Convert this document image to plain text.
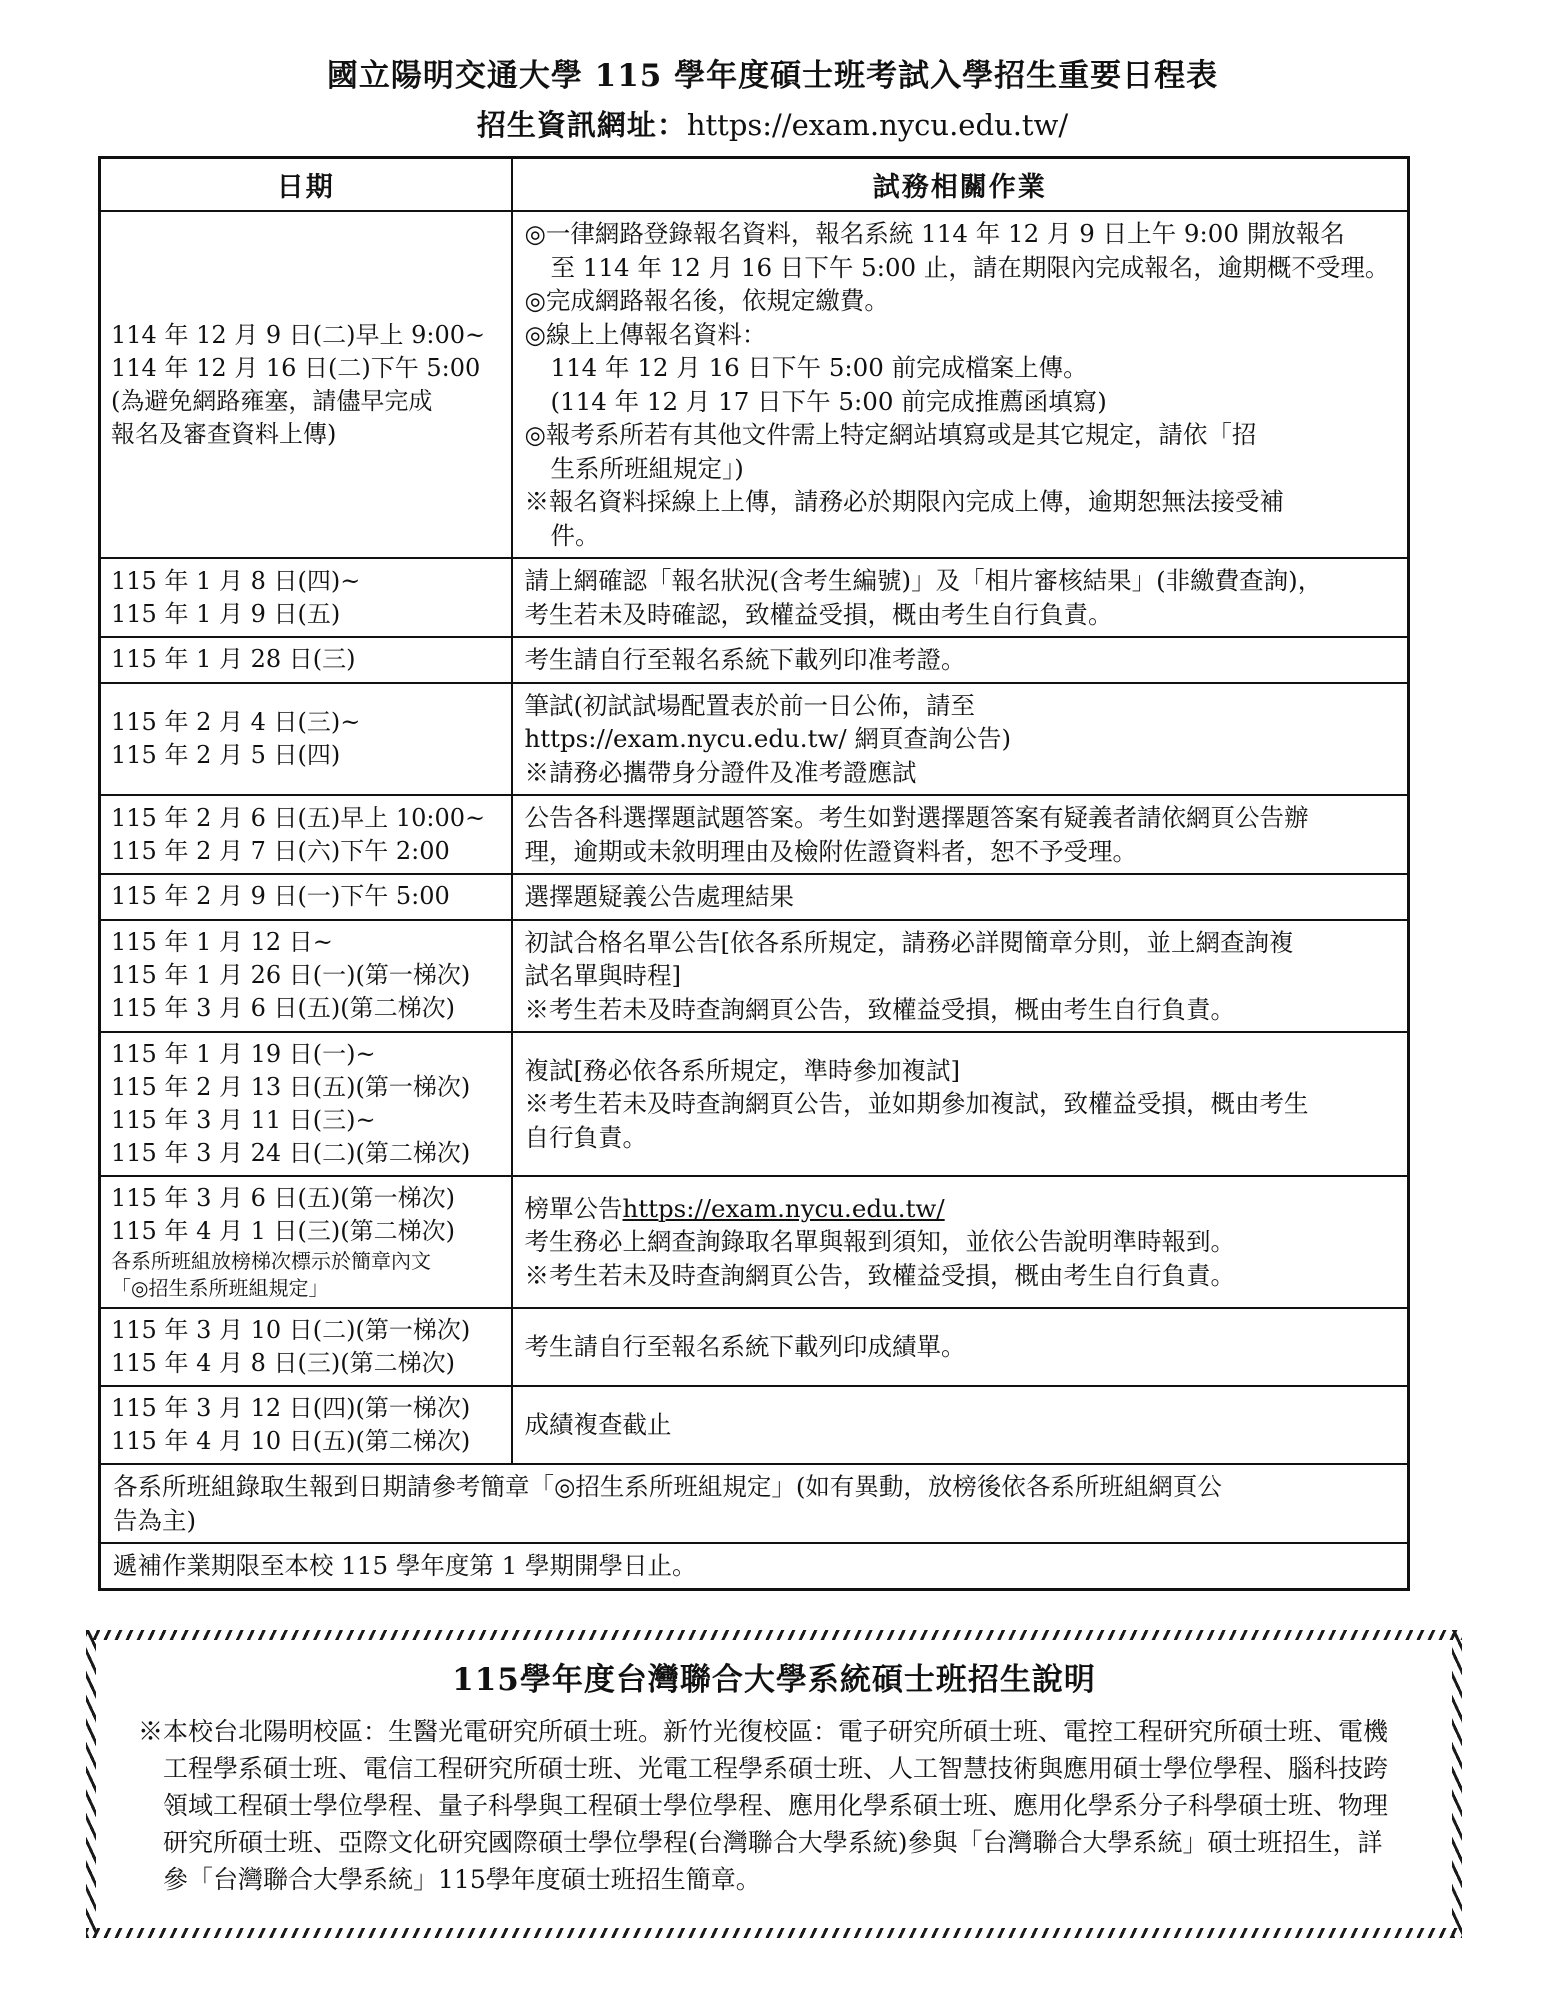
國立陽明交通大學 115 學年度碩士班考試入學招生重要日程表
招生資訊網址：https://exam.nycu.edu.tw/
日期	試務相關作業

114 年 12 月 9 日(二)早上 9:00~
114 年 12 月 16 日(二)下午 5:00
(為避免網路雍塞，請儘早完成
報名及審查資料上傳)

◎一律網路登錄報名資料，報名系統 114 年 12 月 9 日上午 9:00 開放報名
至 114 年 12 月 16 日下午 5:00 止，請在期限內完成報名，逾期概不受理。
◎完成網路報名後，依規定繳費。
◎線上上傳報名資料：
114 年 12 月 16 日下午 5:00 前完成檔案上傳。
(114 年 12 月 17 日下午 5:00 前完成推薦函填寫)
◎報考系所若有其他文件需上特定網站填寫或是其它規定，請依「招
生系所班組規定」)
※報名資料採線上上傳，請務必於期限內完成上傳，逾期恕無法接受補
件。

115 年 1 月 8 日(四)~
115 年 1 月 9 日(五)

請上網確認「報名狀況(含考生編號)」及「相片審核結果」(非繳費查詢)，
考生若未及時確認，致權益受損，概由考生自行負責。

115 年 1 月 28 日(三)	考生請自行至報名系統下載列印准考證。

115 年 2 月 4 日(三)~
115 年 2 月 5 日(四)

筆試(初試試場配置表於前一日公佈，請至
https://exam.nycu.edu.tw/ 網頁查詢公告)
※請務必攜帶身分證件及准考證應試

115 年 2 月 6 日(五)早上 10:00~
115 年 2 月 7 日(六)下午 2:00

公告各科選擇題試題答案。考生如對選擇題答案有疑義者請依網頁公告辦
理，逾期或未敘明理由及檢附佐證資料者，恕不予受理。

115 年 2 月 9 日(一)下午 5:00	選擇題疑義公告處理結果

115 年 1 月 12 日~
115 年 1 月 26 日(一)(第一梯次)
115 年 3 月 6 日(五)(第二梯次)

初試合格名單公告[依各系所規定，請務必詳閱簡章分則，並上網查詢複
試名單與時程]
※考生若未及時查詢網頁公告，致權益受損，概由考生自行負責。

115 年 1 月 19 日(一)~
115 年 2 月 13 日(五)(第一梯次)
115 年 3 月 11 日(三)~
115 年 3 月 24 日(二)(第二梯次)

複試[務必依各系所規定，準時參加複試]
※考生若未及時查詢網頁公告，並如期參加複試，致權益受損，概由考生
自行負責。

115 年 3 月 6 日(五)(第一梯次)
115 年 4 月 1 日(三)(第二梯次)
各系所班組放榜梯次標示於簡章內文
「◎招生系所班組規定」

榜單公告https://exam.nycu.edu.tw/
考生務必上網查詢錄取名單與報到須知，並依公告說明準時報到。
※考生若未及時查詢網頁公告，致權益受損，概由考生自行負責。

115 年 3 月 10 日(二)(第一梯次)
115 年 4 月 8 日(三)(第二梯次)	考生請自行至報名系統下載列印成績單。

115 年 3 月 12 日(四)(第一梯次)
115 年 4 月 10 日(五)(第二梯次)	成績複查截止

各系所班組錄取生報到日期請參考簡章「◎招生系所班組規定」(如有異動，放榜後依各系所班組網頁公
告為主)	

遞補作業期限至本校 115 學年度第 1 學期開學日止。	
115學年度台灣聯合大學系統碩士班招生說明
※本校台北陽明校區：生醫光電研究所碩士班。新竹光復校區：電子研究所碩士班、電控工程研究所碩士班、電機
工程學系碩士班、電信工程研究所碩士班、光電工程學系碩士班、人工智慧技術與應用碩士學位學程、腦科技跨
領域工程碩士學位學程、量子科學與工程碩士學位學程、應用化學系碩士班、應用化學系分子科學碩士班、物理
研究所碩士班、亞際文化研究國際碩士學位學程(台灣聯合大學系統)參與「台灣聯合大學系統」碩士班招生，詳
參「台灣聯合大學系統」115學年度碩士班招生簡章。
